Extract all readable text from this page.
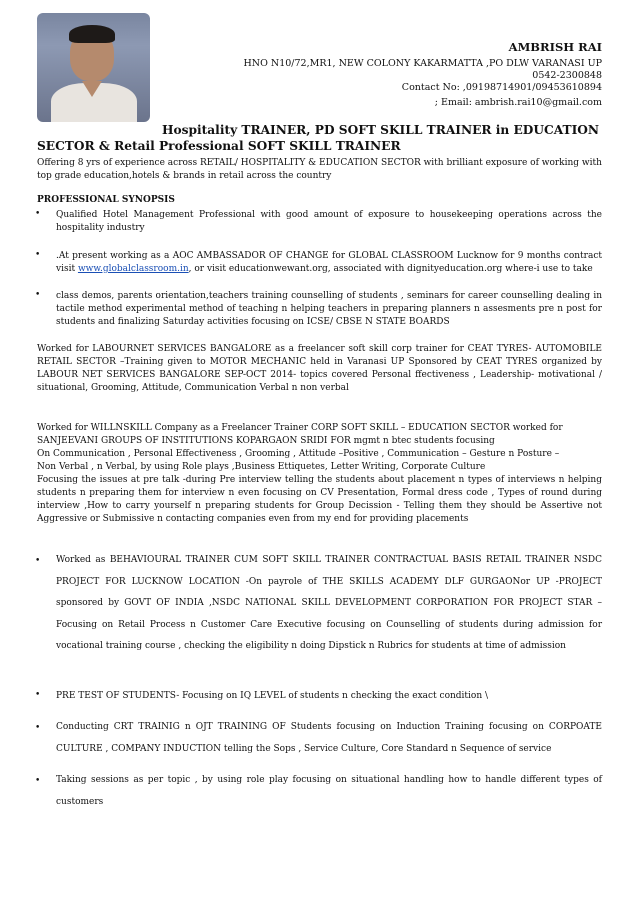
AMBRISH RAI
HNO N10/72,MR1, NEW COLONY KAKARMATTA ,PO DLW VARANASI UP
0542-2300848
Contact No: ,09198714901/09453610894
; Email: ambrish.rai10@gmail.com
Hospitality TRAINER, PD SOFT SKILL TRAINER in EDUCATION
SECTOR & Retail Professional SOFT SKILL TRAINER
Offering 8 yrs of experience across RETAIL/ HOSPITALITY & EDUCATION SECTOR with brilliant exposure of working with top grade education,hotels & brands in retail across the country
PROFESSIONAL SYNOPSIS
• Qualified Hotel Management Professional with good amount of exposure to housekeeping operations across the hospitality industry
• .At present working as a AOC AMBASSADOR OF CHANGE for GLOBAL CLASSROOM Lucknow for 9 months contract visit www.globalclassroom.in, or visit educationwewant.org, associated with dignityeducation.org where-i use to take
• class demos, parents orientation,teachers training counselling of students , seminars for career counselling dealing in tactile method experimental method of teaching n helping teachers in preparing planners n assesments pre n post for students and finalizing Saturday activities focusing on ICSE/ CBSE N STATE BOARDS
Worked for LABOURNET SERVICES BANGALORE as a freelancer soft skill corp trainer for CEAT TYRES- AUTOMOBILE RETAIL SECTOR –Training given to MOTOR MECHANIC held in Varanasi UP Sponsored by CEAT TYRES organized by LABOUR NET SERVICES BANGALORE SEP-OCT 2014- topics covered Personal ffectiveness , Leadership- motivational / situational, Grooming, Attitude, Communication Verbal n non verbal
Worked for WILLNSKILL Company as a Freelancer Trainer CORP SOFT SKILL – EDUCATION SECTOR worked for
SANJEEVANI GROUPS OF INSTITUTIONS KOPARGAON SRIDI FOR mgmt n btec students focusing
On Communication , Personal Effectiveness , Grooming , Attitude –Positive , Communication – Gesture n Posture –
Non Verbal , n Verbal, by using Role plays ,Business Ettiquetes, Letter Writing, Corporate Culture
Focusing the issues at pre talk -during Pre interview telling the students about placement n types of interviews n helping students n preparing them for interview n even focusing on CV Presentation, Formal dress code , Types of round during interview ,How to carry yourself n preparing students for Group Decission - Telling them they should be Assertive not Aggressive or Submissive n contacting companies even from my end for providing placements
• Worked as BEHAVIOURAL TRAINER CUM SOFT SKILL TRAINER CONTRACTUAL BASIS RETAIL TRAINER NSDC PROJECT FOR LUCKNOW LOCATION -On payrole of THE SKILLS ACADEMY DLF GURGAONor UP -PROJECT sponsored by GOVT OF INDIA ,NSDC NATIONAL SKILL DEVELOPMENT CORPORATION FOR PROJECT STAR – Focusing on Retail Process n Customer Care Executive focusing on Counselling of students during admission for vocational training course , checking the eligibility n doing Dipstick n Rubrics for students at time of admission
• PRE TEST OF STUDENTS- Focusing on IQ LEVEL of students n checking the exact condition \
• Conducting CRT TRAINIG n OJT TRAINING OF Students focusing on Induction Training focusing on CORPOATE CULTURE , COMPANY INDUCTION telling the Sops , Service Culture, Core Standard n Sequence of service
• Taking sessions as per topic , by using role play focusing on situational handling how to handle different types of customers
